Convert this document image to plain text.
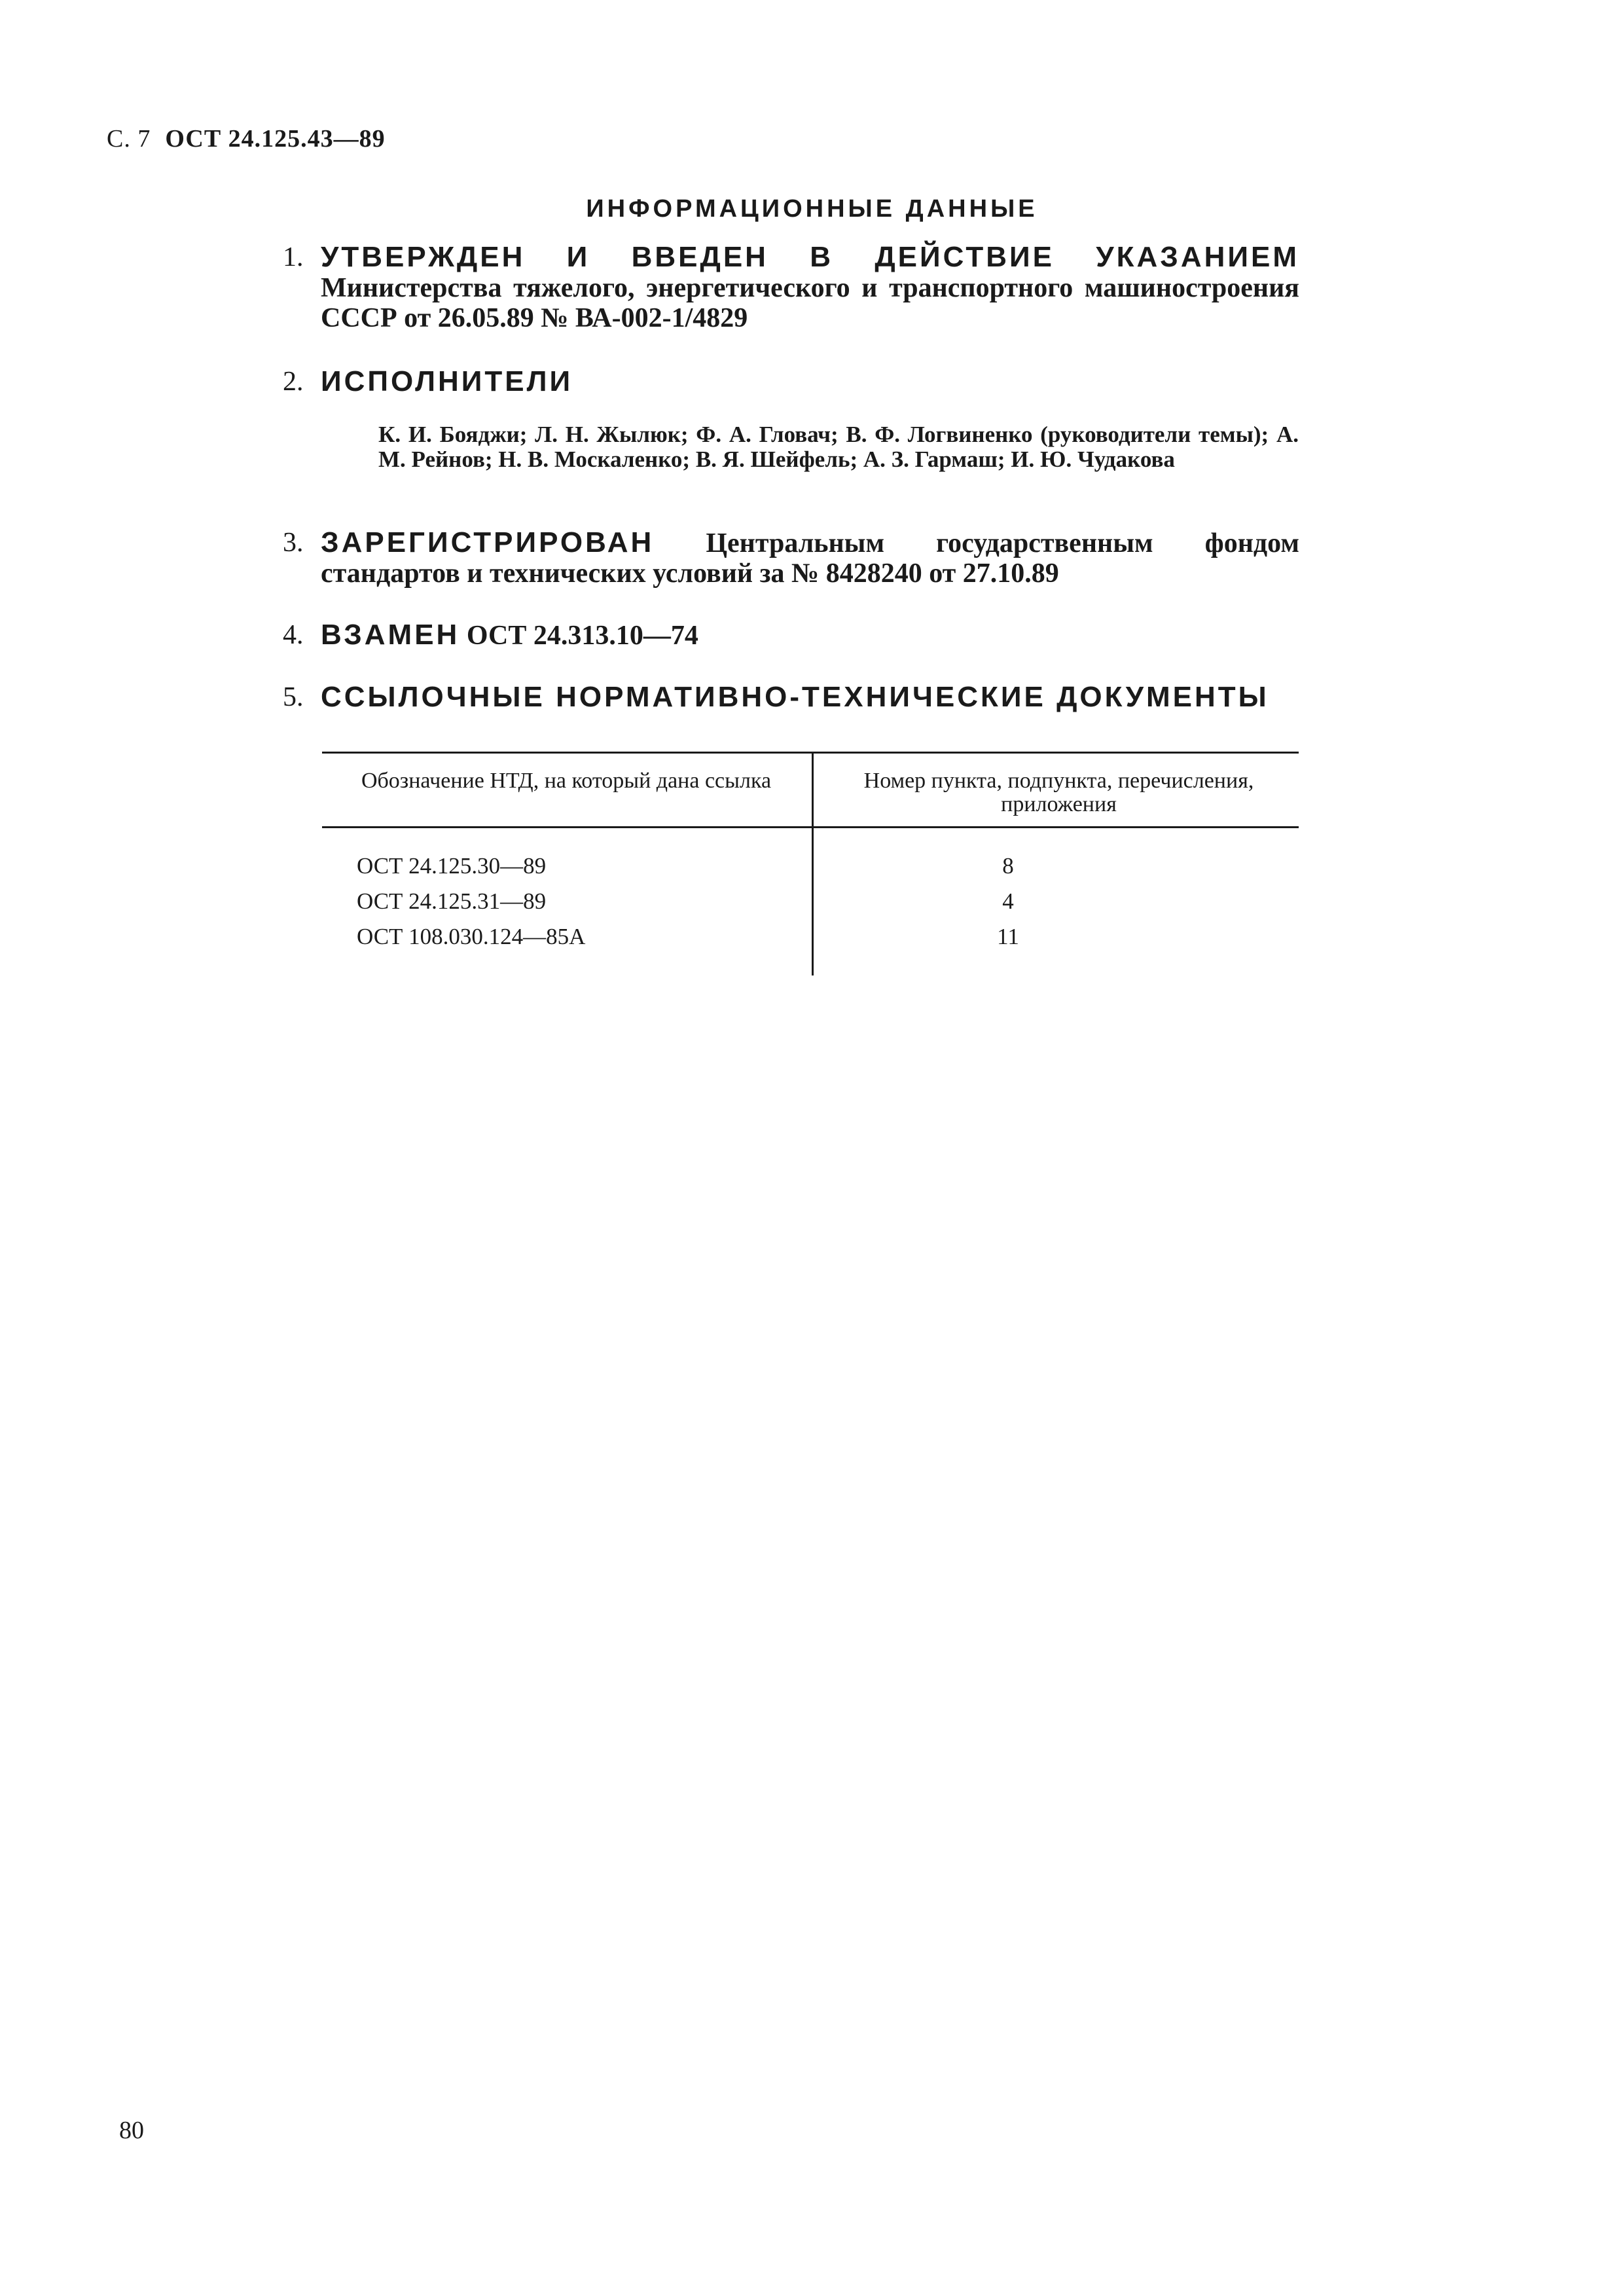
С. 7 ОСТ 24.125.43—89
ИНФОРМАЦИОННЫЕ ДАННЫЕ
1. УТВЕРЖДЕН И ВВЕДЕН В ДЕЙСТВИЕ УКАЗАНИЕМ Министерства тяжелого, энергетического и транспортного машиностроения СССР от 26.05.89 № ВА-002-1/4829
2. ИСПОЛНИТЕЛИ
К. И. Бояджи; Л. Н. Жылюк; Ф. А. Гловач; В. Ф. Логвиненко (руководители темы); А. М. Рейнов; Н. В. Москаленко; В. Я. Шейфель; А. З. Гармаш; И. Ю. Чудакова
3. ЗАРЕГИСТРИРОВАН Центральным государственным фондом стандартов и технических условий за № 8428240 от 27.10.89
4. ВЗАМЕН ОСТ 24.313.10—74
5. ССЫЛОЧНЫЕ НОРМАТИВНО-ТЕХНИЧЕСКИЕ ДОКУМЕНТЫ
Обозначение НТД, на который дана ссылка	Номер пункта, подпункта, перечисления, приложения
ОСТ 24.125.30—89	8
ОСТ 24.125.31—89	4
ОСТ 108.030.124—85А	11
80
